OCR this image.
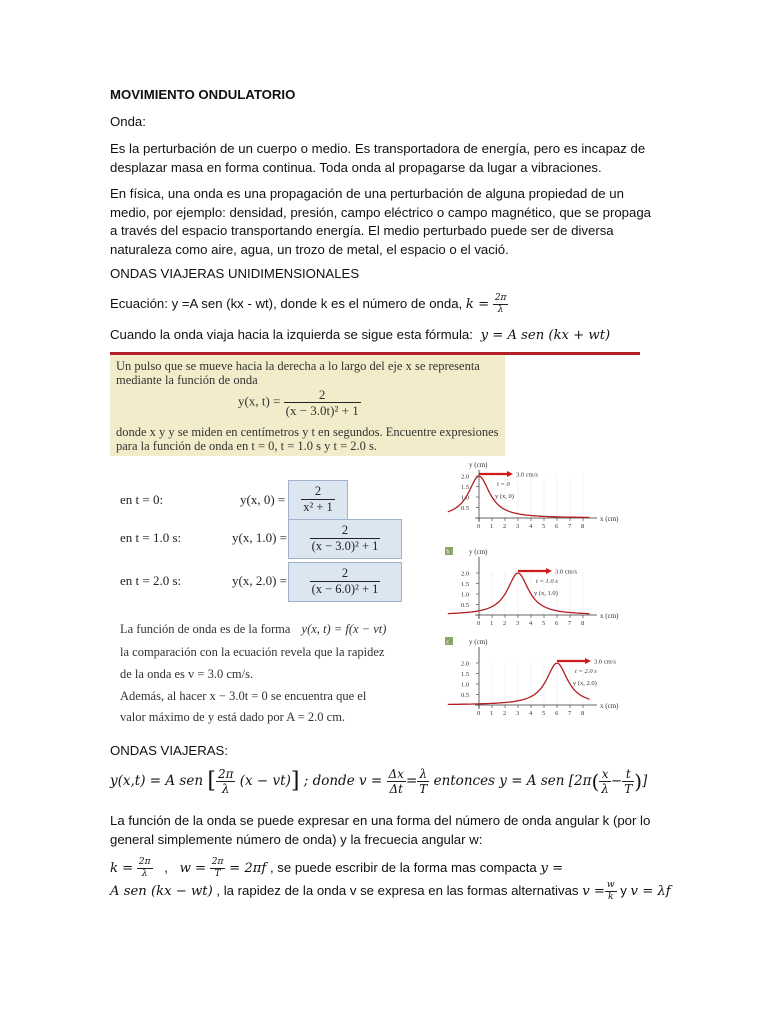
MOVIMIENTO ONDULATORIO

Onda:

Es la perturbación de un cuerpo o medio. Es transportadora de energía, pero es incapaz de desplazar masa en forma continua. Toda onda al propagarse da lugar a vibraciones.

En física, una onda es una propagación de una perturbación de alguna propiedad de un medio, por ejemplo: densidad, presión, campo eléctrico o campo magnético, que se propaga a través del espacio transportando energía. El medio perturbado puede ser de diversa naturaleza como aire, agua, un trozo de metal, el espacio o el vació.

ONDAS VIAJERAS UNIDIMENSIONALES

Ecuación: y =A sen (kx - wt), donde k es el número de onda, $k = \frac{2\pi}{\lambda}$

Cuando la onda viaja hacia la izquierda se sigue esta fórmula: y = A sen (kx + wt)

Un pulso que se mueve hacia la derecha a lo largo del eje x se representa
mediante la función de onda
y(x, $t) = \frac{2}{\text{(x − 3.0t)² + 1}}$
donde x y y se miden en centímetros y t en segundos. Encuentre expresiones
para la función de onda en t = 0, t = 1.0 s y t = 2.0 s.
en t = 0:	y(x, $0) = \frac{2}{\text{x² + 1}}$
en t = 1.0 s:	y(x, $1.0) = \frac{2}{\text{(x − 3.0)² + 1}}$
en t = 2.0 s:	y(x, $2.0) = \frac{2}{\text{(x − 6.0)² + 1}}$
La función de onda es de la forma y(x, t) = f(x − vt)
la comparación con la ecuación revela que la rapidez
de la onda es v = 3.0 cm/s.
Además, al hacer x − 3.0t = 0 se encuentra que el
valor máximo de y está dado por A = 2.0 cm.
y (cm)
x (cm)
2.0
1.5
1.0
0.5
0 1 2 3 4 5 6 7 8
3.0 cm/s
t = 0
y (x, 0)
y (cm)
x (cm)
b
2.0
1.5
1.0
0.5
0 1 2 3 4 5 6 7 8
3.0 cm/s
t = 1.0 s
y (x, 1.0)
y (cm)
x (cm)
c
2.0
1.5
1.0
0.5
0 1 2 3 4 5 6 7 8
3.0 cm/s
t = 2.0 s
y (x, 2.0)

ONDAS VIAJERAS:

y(x,t) = A sen [ $\frac{2\pi}{\lambda} (x - vt)$] ; donde $v = \frac{\Delta x}{\Delta t} = \frac{\lambda}{T}$ entonces y = A sen [$2\pi( \frac{x}{\lambda} - \frac{t}{T}$ )]

La función de la onda se puede expresar en una forma del número de onda angular k (por lo general simplemente número de onda) y la frecuecia angular w:

$k = \frac{2\pi}{\lambda}$ , $w = \frac{2\pi}{T} = 2\pi f$ , se puede escribir de la forma mas compacta y =
A sen (kx − wt) , la rapidez de la onda v se expresa en las formas alternativas $v = \frac{w}{k}$ y v = λf
